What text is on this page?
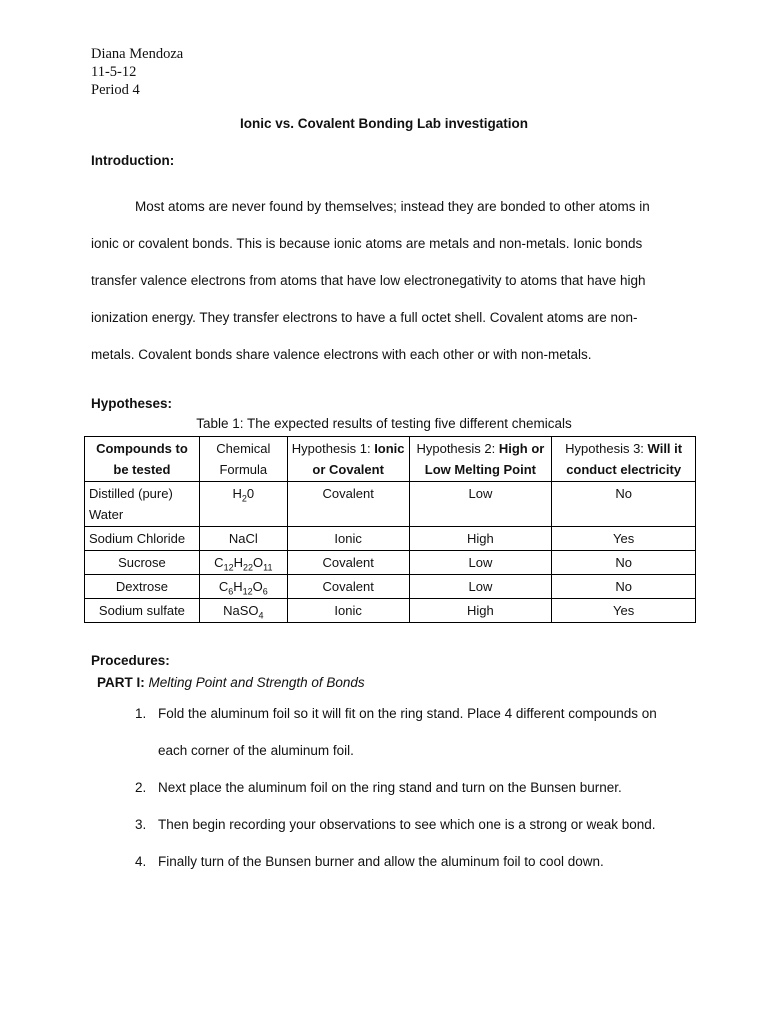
Diana Mendoza
11-5-12
Period 4
Ionic vs. Covalent Bonding Lab investigation
Introduction:

Most atoms are never found by themselves; instead they are bonded to other atoms in

ionic or covalent bonds. This is because ionic atoms are metals and non-metals. Ionic bonds

transfer valence electrons from atoms that have low electronegativity to atoms that have high

ionization energy. They transfer electrons to have a full octet shell. Covalent atoms are non-

metals. Covalent bonds share valence electrons with each other or with non-metals.

Hypotheses:
Table 1: The expected results of testing five different chemicals
Compounds to be tested	Chemical Formula	Hypothesis 1: Ionic or Covalent	Hypothesis 2: High or Low Melting Point	Hypothesis 3: Will it conduct electricity
Distilled (pure) Water	$H_20$	Covalent	Low	No
Sodium Chloride	NaCl	Ionic	High	Yes
Sucrose	$C_{12}H_{22}O_{11}$	Covalent	Low	No
Dextrose	$C_6H_{12}O_6$	Covalent	Low	No
Sodium sulfate	NaSO$_4$	Ionic	High	Yes
Procedures:
PART I: Melting Point and Strength of Bonds
1. Fold the aluminum foil so it will fit on the ring stand. Place 4 different compounds on
each corner of the aluminum foil.
2. Next place the aluminum foil on the ring stand and turn on the Bunsen burner.
3. Then begin recording your observations to see which one is a strong or weak bond.
4. Finally turn of the Bunsen burner and allow the aluminum foil to cool down.
